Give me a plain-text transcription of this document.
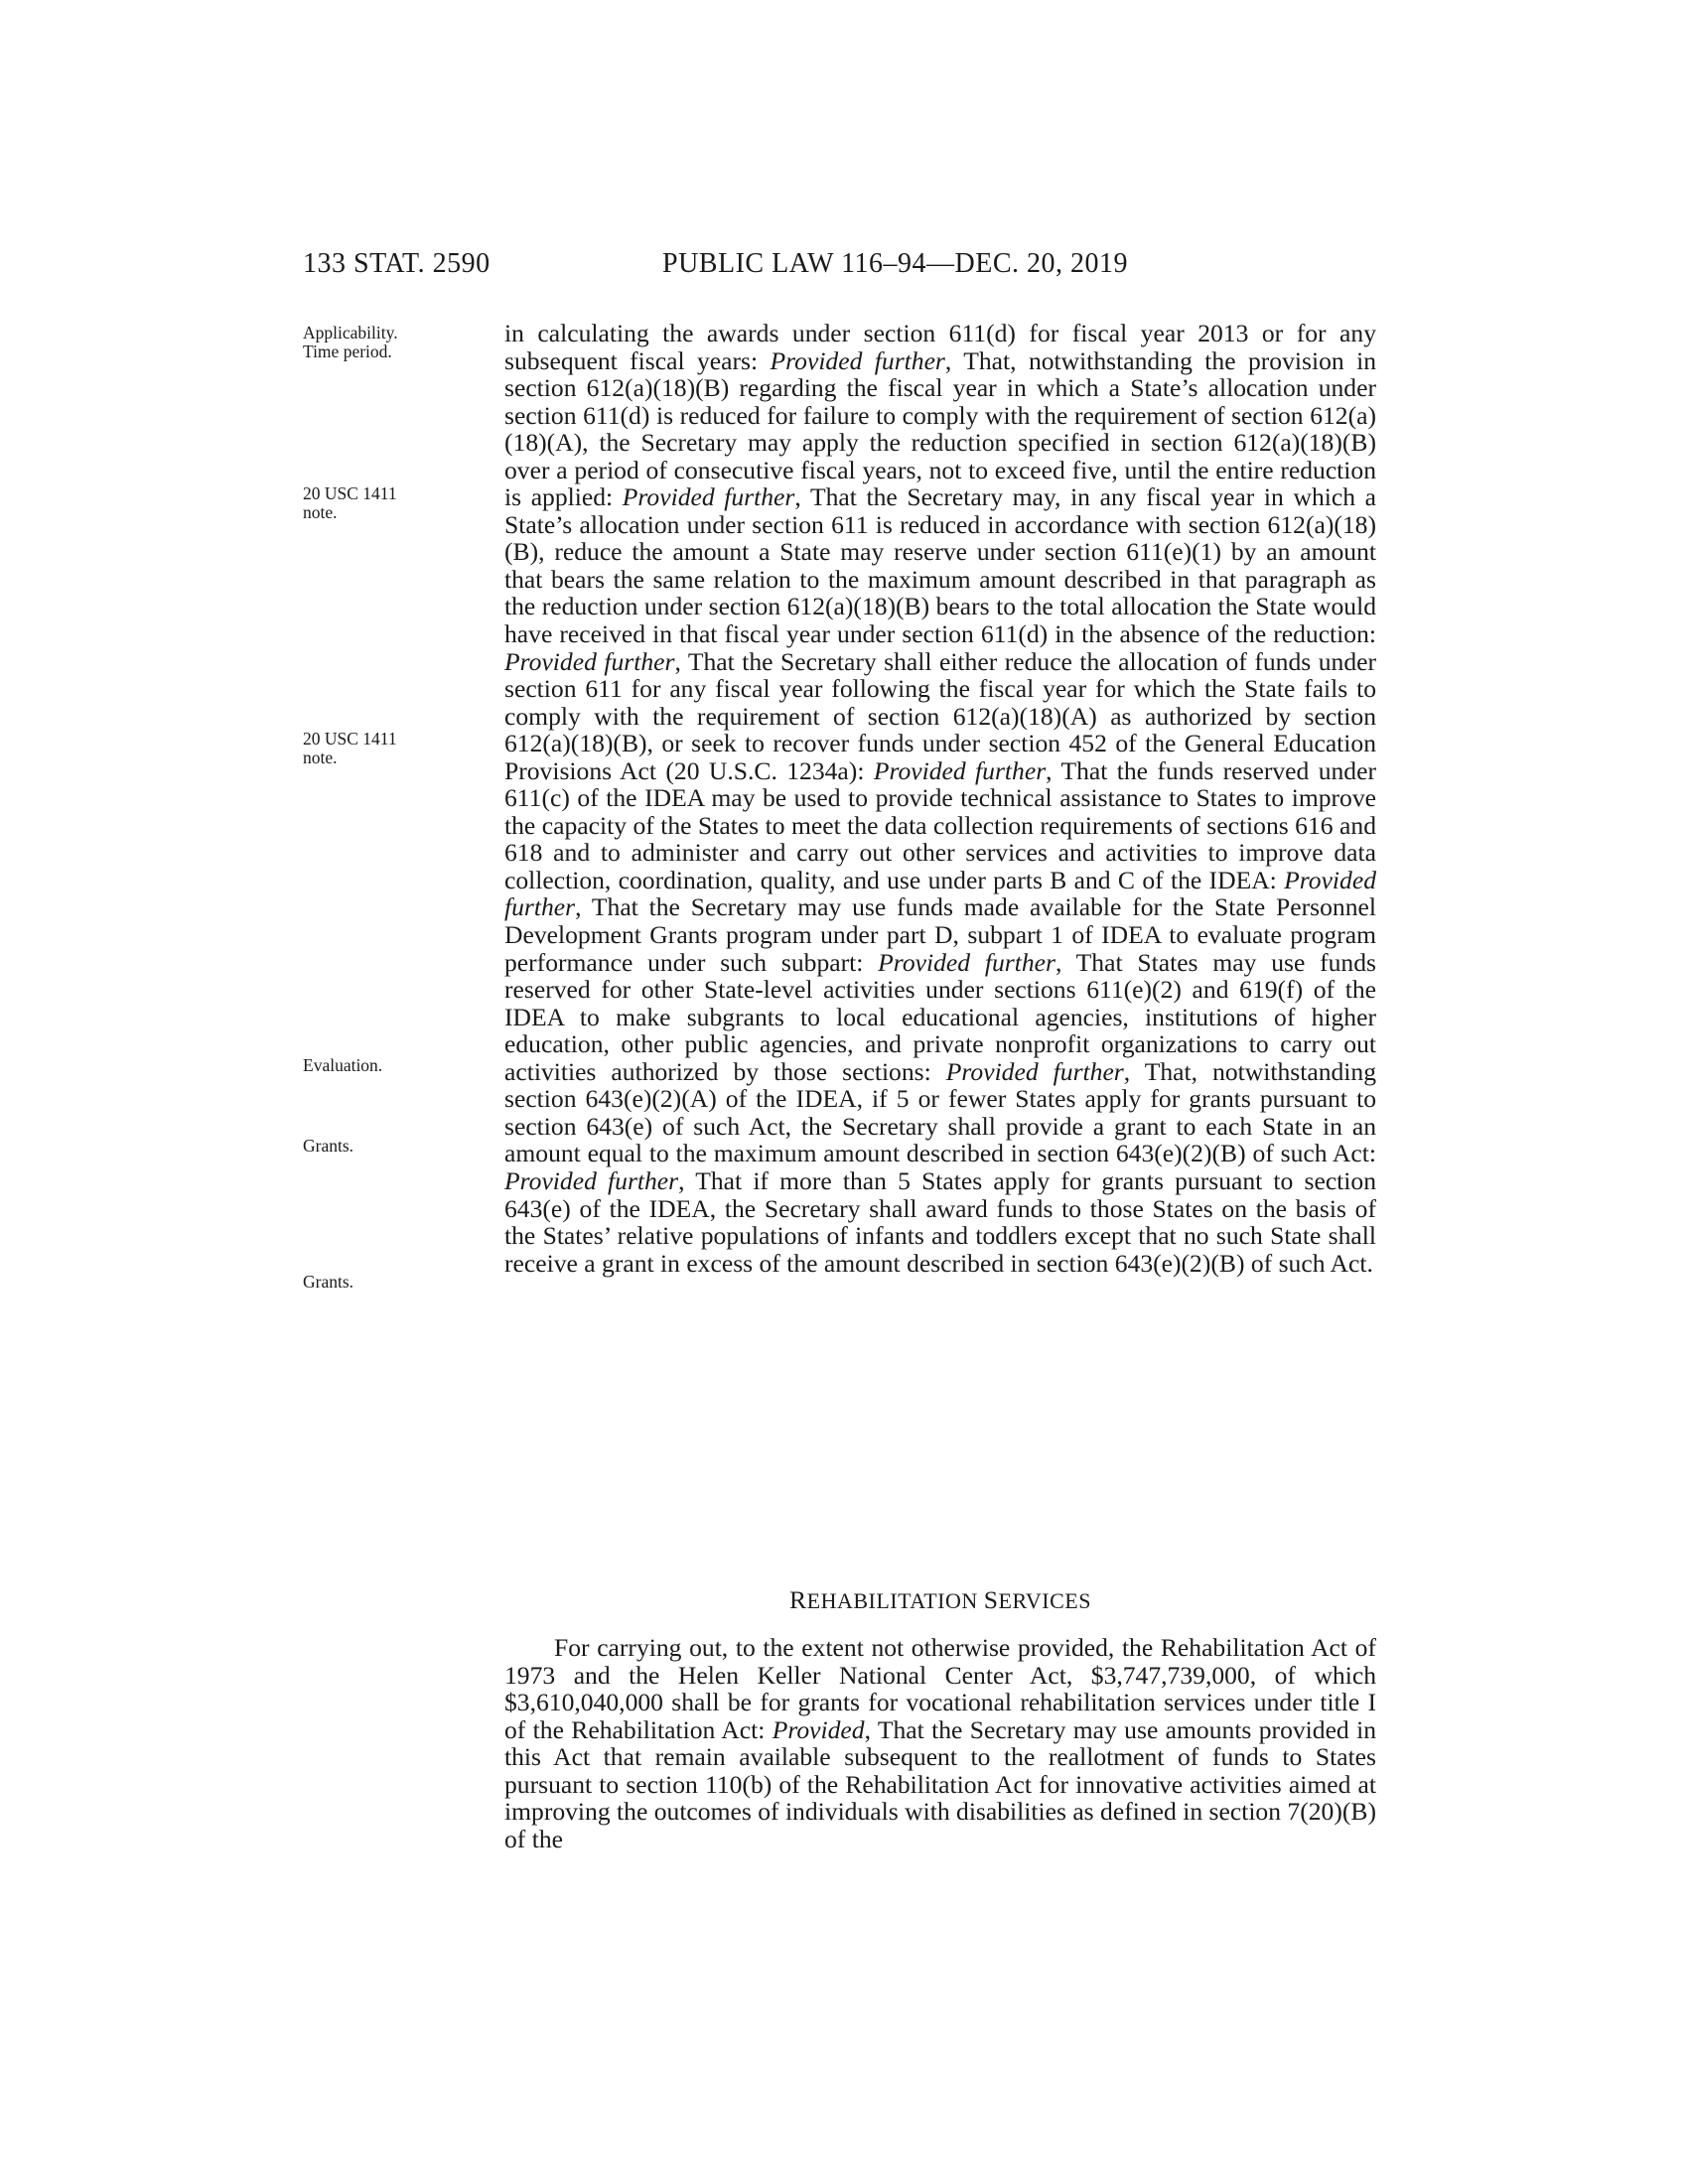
133 STAT. 2590	PUBLIC LAW 116–94—DEC. 20, 2019
Applicability.
Time period.
20 USC 1411
note.
20 USC 1411
note.
Evaluation.
Grants.
Grants.

in calculating the awards under section 611(d) for fiscal year 2013 or for any subsequent fiscal years: Provided further, That, notwithstanding the provision in section 612(a)(18)(B) regarding the fiscal year in which a State’s allocation under section 611(d) is reduced for failure to comply with the requirement of section 612(a)(18)(A), the Secretary may apply the reduction specified in section 612(a)(18)(B) over a period of consecutive fiscal years, not to exceed five, until the entire reduction is applied: Provided further, That the Secretary may, in any fiscal year in which a State’s allocation under section 611 is reduced in accordance with section 612(a)(18)(B), reduce the amount a State may reserve under section 611(e)(1) by an amount that bears the same relation to the maximum amount described in that paragraph as the reduction under section 612(a)(18)(B) bears to the total allocation the State would have received in that fiscal year under section 611(d) in the absence of the reduction: Provided further, That the Secretary shall either reduce the allocation of funds under section 611 for any fiscal year following the fiscal year for which the State fails to comply with the requirement of section 612(a)(18)(A) as authorized by section 612(a)(18)(B), or seek to recover funds under section 452 of the General Education Provisions Act (20 U.S.C. 1234a): Provided further, That the funds reserved under 611(c) of the IDEA may be used to provide technical assistance to States to improve the capacity of the States to meet the data collection requirements of sections 616 and 618 and to administer and carry out other services and activities to improve data collection, coordination, quality, and use under parts B and C of the IDEA: Provided further, That the Secretary may use funds made available for the State Personnel Development Grants program under part D, subpart 1 of IDEA to evaluate program performance under such subpart: Provided further, That States may use funds reserved for other State-level activities under sections 611(e)(2) and 619(f) of the IDEA to make subgrants to local educational agencies, institutions of higher education, other public agencies, and private nonprofit organizations to carry out activities authorized by those sections: Provided further, That, notwithstanding section 643(e)(2)(A) of the IDEA, if 5 or fewer States apply for grants pursuant to section 643(e) of such Act, the Secretary shall provide a grant to each State in an amount equal to the maximum amount described in section 643(e)(2)(B) of such Act: Provided further, That if more than 5 States apply for grants pursuant to section 643(e) of the IDEA, the Secretary shall award funds to those States on the basis of the States’ relative populations of infants and toddlers except that no such State shall receive a grant in excess of the amount described in section 643(e)(2)(B) of such Act.

REHABILITATION SERVICES

For carrying out, to the extent not otherwise provided, the Rehabilitation Act of 1973 and the Helen Keller National Center Act, $3,747,739,000, of which $3,610,040,000 shall be for grants for vocational rehabilitation services under title I of the Rehabilitation Act: Provided, That the Secretary may use amounts provided in this Act that remain available subsequent to the reallotment of funds to States pursuant to section 110(b) of the Rehabilitation Act for innovative activities aimed at improving the outcomes of individuals with disabilities as defined in section 7(20)(B) of the
